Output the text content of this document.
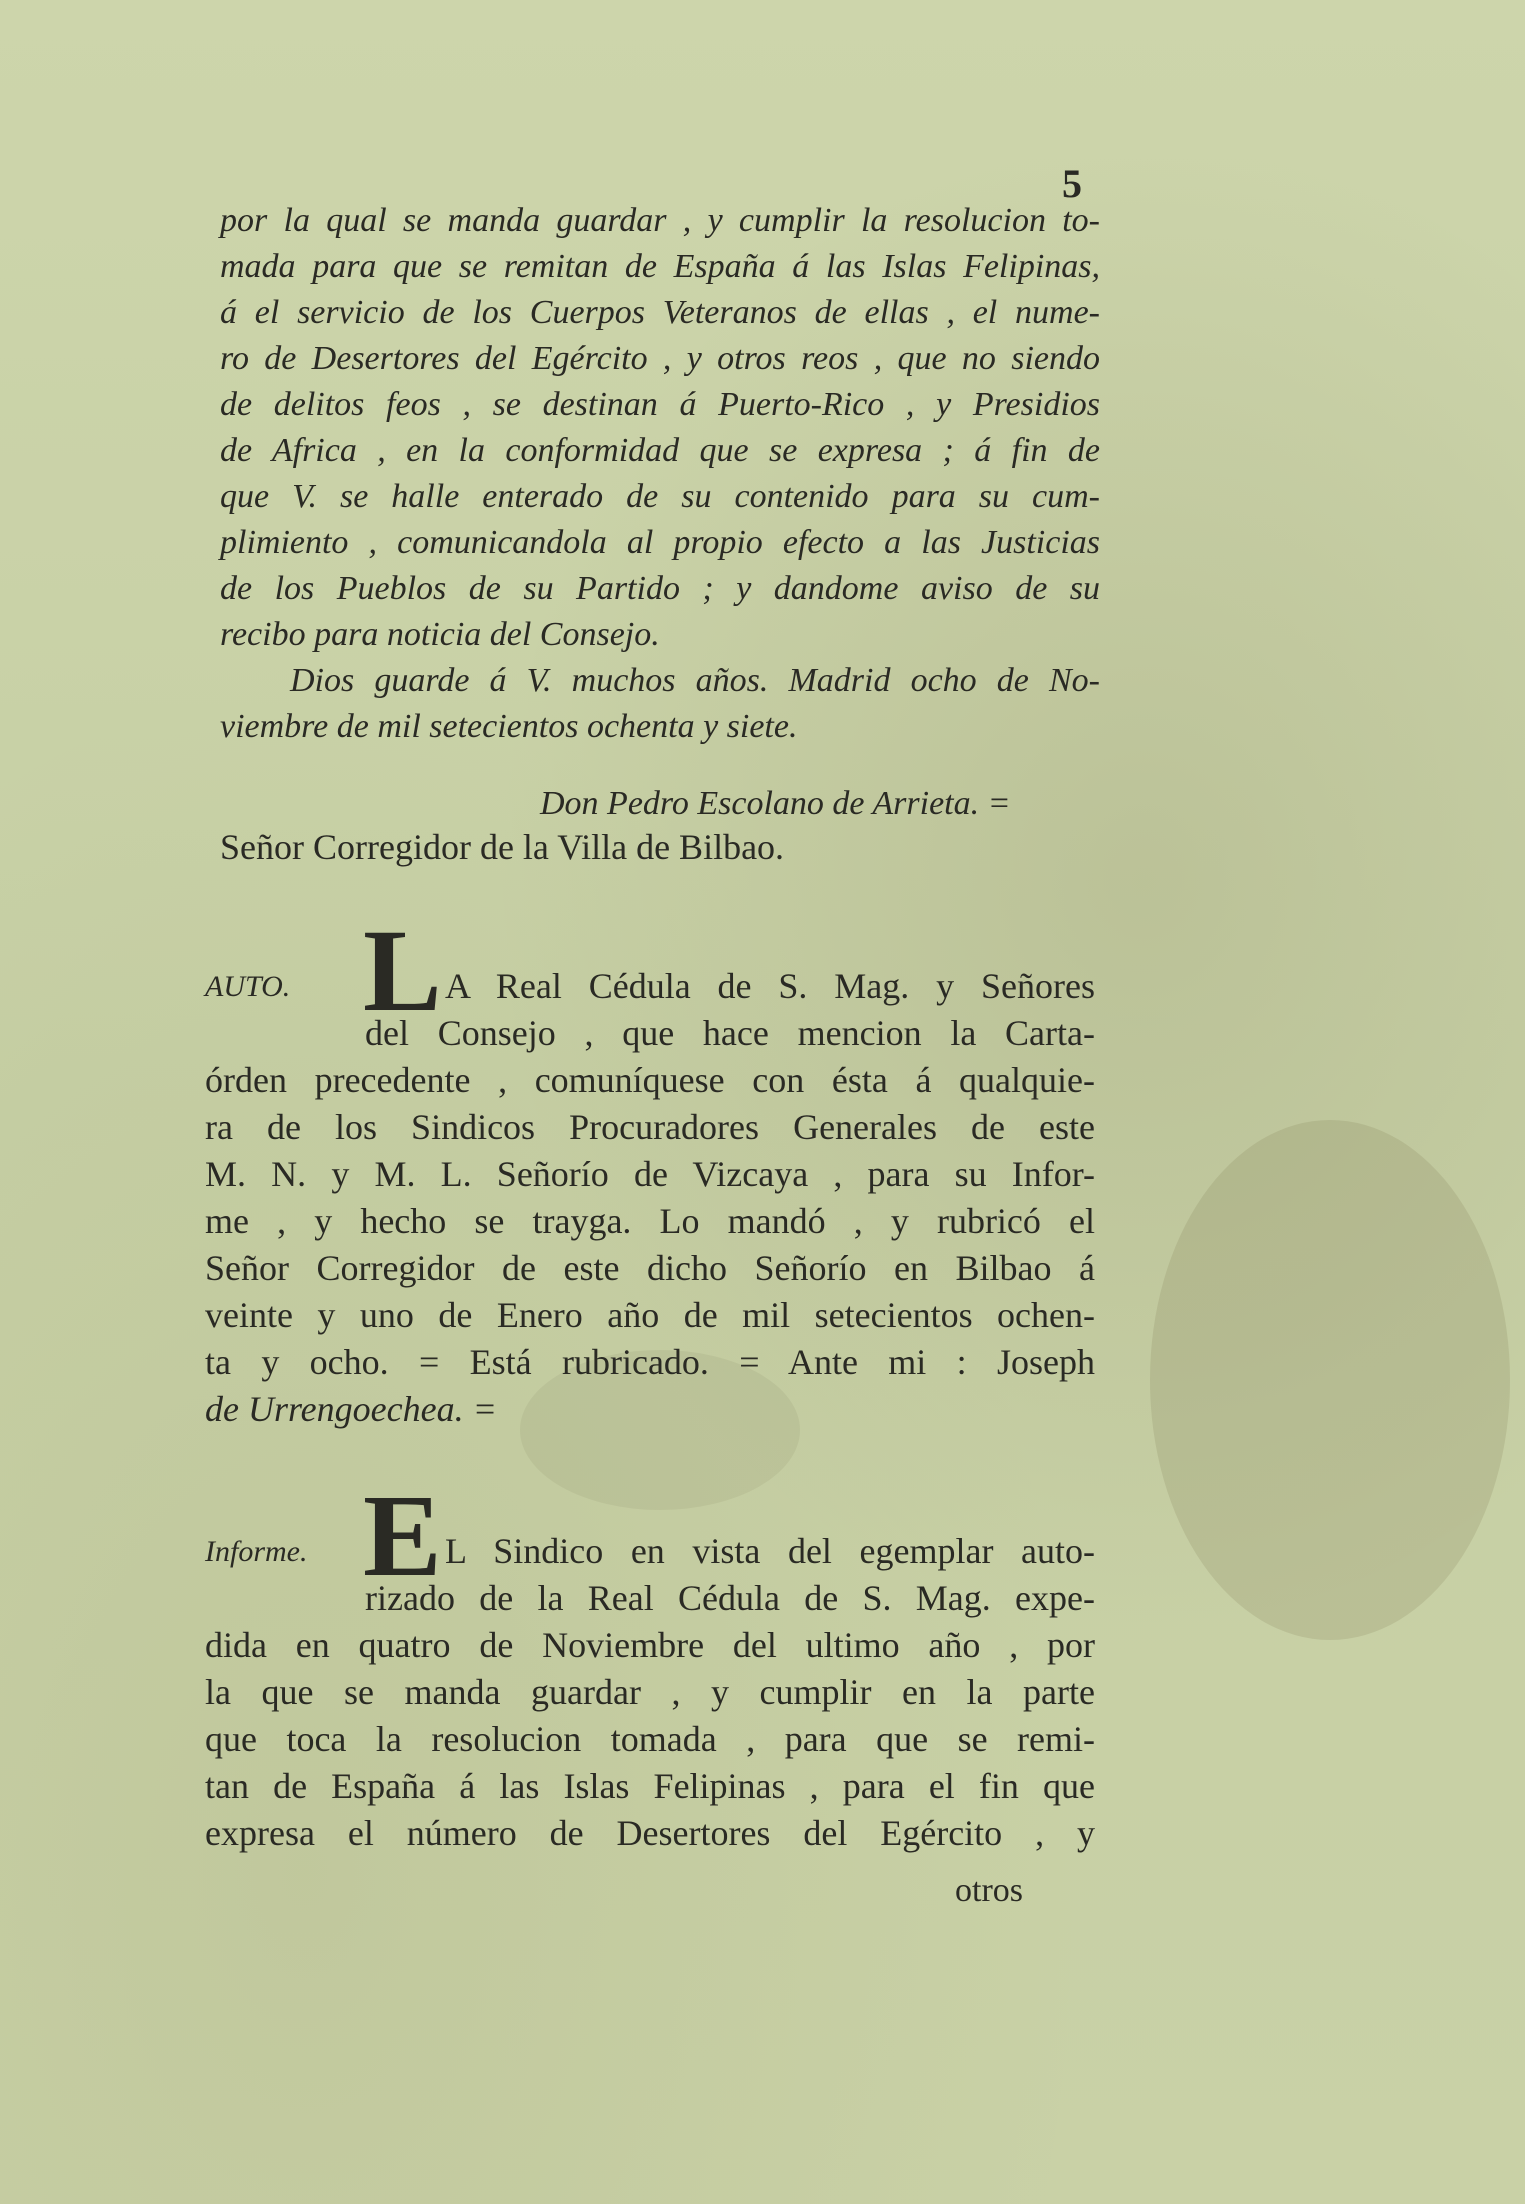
5
por la qual se manda guardar , y cumplir la resolucion to-
mada para que se remitan de España á las Islas Felipinas,
á el servicio de los Cuerpos Veteranos de ellas , el nume-
ro de Desertores del Egército , y otros reos , que no siendo
de delitos feos , se destinan á Puerto-Rico , y Presidios
de Africa , en la conformidad que se expresa ; á fin de
que V. se halle enterado de su contenido para su cum-
plimiento , comunicandola al propio efecto a las Justicias
de los Pueblos de su Partido ; y dandome aviso de su
recibo para noticia del Consejo.
Dios guarde á V. muchos años. Madrid ocho de No-
viembre de mil setecientos ochenta y siete.
Don Pedro Escolano de Arrieta. =
Señor Corregidor de la Villa de Bilbao.
AUTO. L A Real Cédula de S. Mag. y Señores
del Consejo , que hace mencion la Carta-
órden precedente , comuníquese con ésta á qualquie-
ra de los Sindicos Procuradores Generales de este
M. N. y M. L. Señorío de Vizcaya , para su Infor-
me , y hecho se trayga. Lo mandó , y rubricó el
Señor Corregidor de este dicho Señorío en Bilbao á
veinte y uno de Enero año de mil setecientos ochen-
ta y ocho. = Está rubricado. = Ante mi : Joseph
de Urrengoechea. =
Informe. E L Sindico en vista del egemplar auto-
rizado de la Real Cédula de S. Mag. expe-
dida en quatro de Noviembre del ultimo año , por
la que se manda guardar , y cumplir en la parte
que toca la resolucion tomada , para que se remi-
tan de España á las Islas Felipinas , para el fin que
expresa el número de Desertores del Egército , y
otros
